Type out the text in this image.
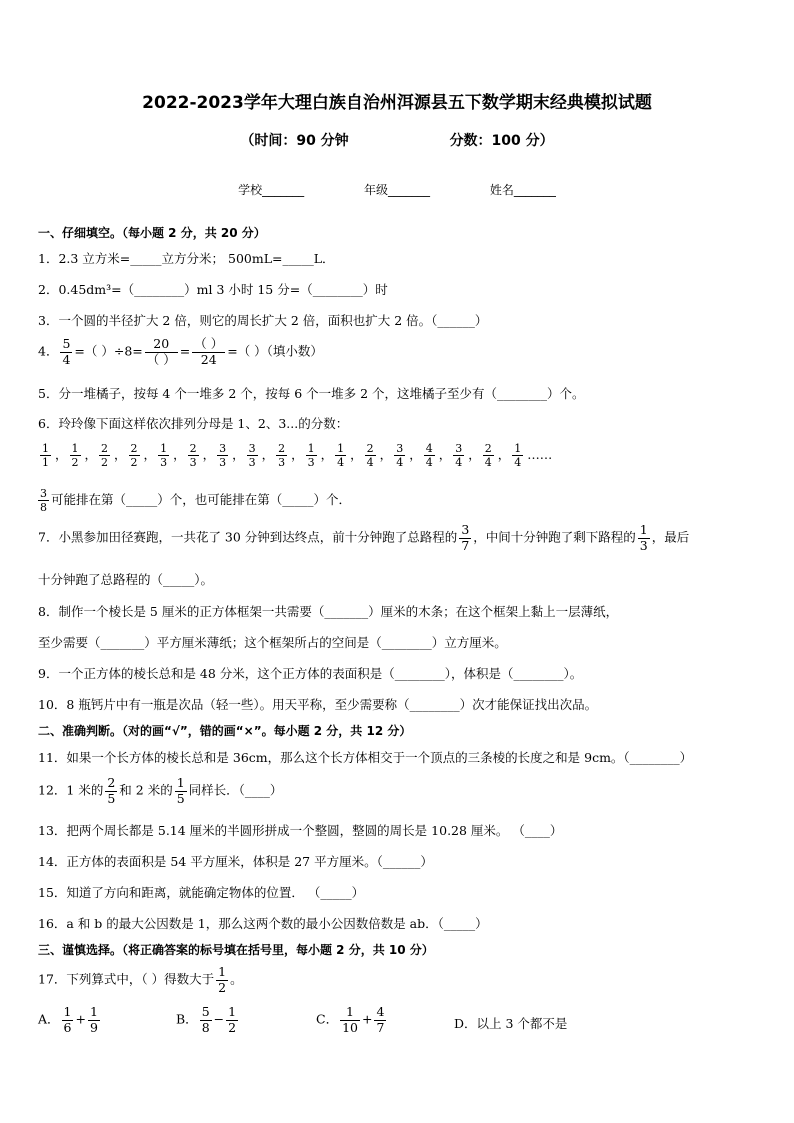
2022-2023学年大理白族自治州洱源县五下数学期末经典模拟试题
（时间：90 分钟	分数：100 分）
学校_______	年级_______	姓名_______
一、仔细填空。（每小题 2 分，共 20 分）
1．2.3 立方米=_____立方分米； 500mL=_____L．
2．0.45dm³=（________）ml 3 小时 15 分=（________）时
3．一个圆的半径扩大 2 倍，则它的周长扩大 2 倍，面积也扩大 2 倍。（______）
4． $\frac{5}{4}$ =（ ）$\div 8= \frac{20}{( )} = \frac{( )}{24}$ =（ ）（填小数）
5．分一堆橘子，按每 4 个一堆多 2 个，按每 6 个一堆多 2 个，这堆橘子至少有（________）个。
6．玲玲像下面这样依次排列分母是 1、2、3...的分数：
$\frac{1}{1}$ ， $\frac{1}{2}$ ， $\frac{2}{2}$ ， $\frac{2}{2}$ ， $\frac{1}{3}$ ， $\frac{2}{3}$ ， $\frac{3}{3}$ ， $\frac{3}{3}$ ， $\frac{2}{3}$ ， $\frac{1}{3}$ ， $\frac{1}{4}$ ， $\frac{2}{4}$ ， $\frac{3}{4}$ ， $\frac{4}{4}$ ， $\frac{3}{4}$ ， $\frac{2}{4}$ ， $\frac{1}{4}$ ……
$\frac{3}{8}$ 可能排在第（_____）个，也可能排在第（_____）个．
7．小黑参加田径赛跑，一共花了 30 分钟到达终点，前十分钟跑了总路程的 $\frac{3}{7}$ ，中间十分钟跑了剩下路程的 $\frac{1}{3}$ ，最后
十分钟跑了总路程的（_____）。
8．制作一个棱长是 5 厘米的正方体框架一共需要（_______）厘米的木条；在这个框架上黏上一层薄纸，
至少需要（_______）平方厘米薄纸；这个框架所占的空间是（________）立方厘米。
9．一个正方体的棱长总和是 48 分米，这个正方体的表面积是（________），体积是（________）。
10．8 瓶钙片中有一瓶是次品（轻一些）。用天平称，至少需要称（________）次才能保证找出次品。
二、准确判断。（对的画“√”，错的画“×”。每小题 2 分，共 12 分）
11．如果一个长方体的棱长总和是 36cm，那么这个长方体相交于一个顶点的三条棱的长度之和是 9cm。（________）
12．1 米的 $\frac{2}{5}$ 和 2 米的 $\frac{1}{5}$ 同样长．（____）
13．把两个周长都是 5.14 厘米的半圆形拼成一个整圆，整圆的周长是 10.28 厘米。 （____）
14．正方体的表面积是 54 平方厘米，体积是 27 平方厘米。（______）
15．知道了方向和距离，就能确定物体的位置． （_____）
16．a 和 b 的最大公因数是 1，那么这两个数的最小公因数倍数是 ab．（_____）
三、谨慎选择。（将正确答案的标号填在括号里，每小题 2 分，共 10 分）
17．下列算式中，（ ）得数大于 $\frac{1}{2}$ 。
A． $\frac{1}{6} + \frac{1}{9}$	B． $\frac{5}{8} - \frac{1}{2}$	C． $\frac{1}{10} + \frac{4}{7}$	D．以上 3 个都不是
